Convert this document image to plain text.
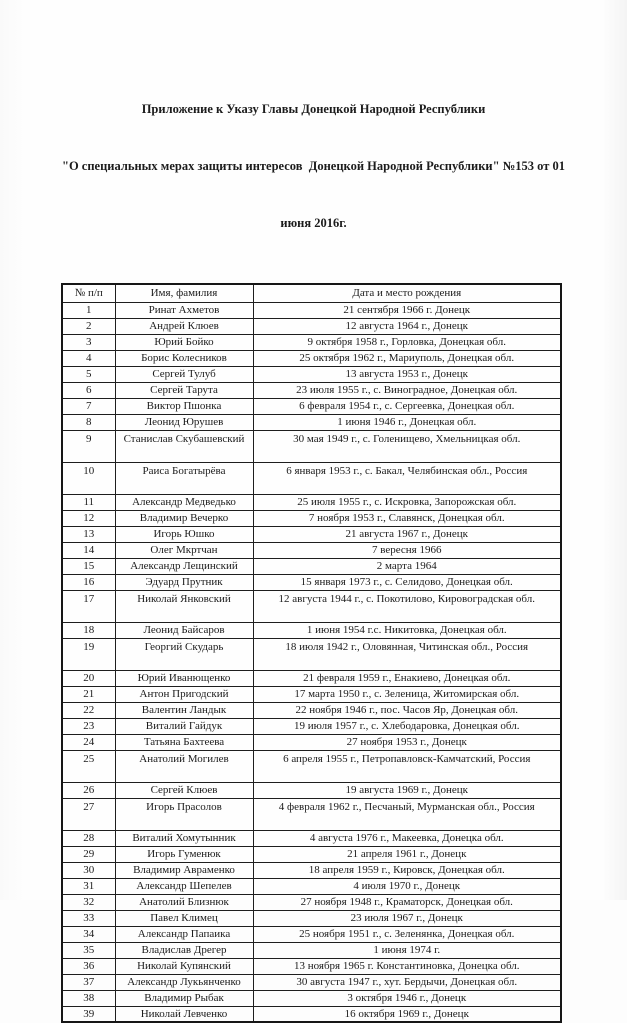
Приложение к Указу Главы Донецкой Народной Республики

"О специальных мерах защиты интересов  Донецкой Народной Республики" №153 от 01

июня 2016г.

№ п/п	Имя, фамилия	Дата и место рождения
1	Ринат Ахметов	21 сентября 1966 г. Донецк
2	Андрей Клюев	12 августа 1964 г., Донецк
3	Юрий Бойко	9 октября 1958 г., Горловка, Донецкая обл.
4	Борис Колесников	25 октября 1962 г., Мариуполь, Донецкая обл.
5	Сергей Тулуб	13 августа 1953 г., Донецк
6	Сергей Тарута	23 июля 1955 г., с. Виноградное, Донецкая обл.
7	Виктор Пшонка	6 февраля 1954 г., с. Сергеевка, Донецкая обл.
8	Леонид Юрушев	1 июня 1946 г., Донецкая обл.
9	Станислав Скубашевский	30 мая 1949 г., с. Голенищево, Хмельницкая обл.
10	Раиса Богатырёва	6 января 1953 г., с. Бакал, Челябинская обл., Россия
11	Александр Медведько	25 июля 1955 г., с. Искровка, Запорожская обл.
12	Владимир Вечерко	7 ноября 1953 г., Славянск, Донецкая обл.
13	Игорь Юшко	21 августа 1967 г., Донецк
14	Олег Мкртчан	7 вересня 1966
15	Александр Лещинский	2 марта 1964
16	Эдуард Прутник	15 января 1973 г., с. Селидово, Донецкая обл.
17	Николай Янковский	12 августа 1944 г., с. Покотилово, Кировоградская обл.
18	Леонид Байсаров	1 июня 1954 г.с. Никитовка, Донецкая обл.
19	Георгий Скударь	18 июля 1942 г., Оловянная, Читинская обл., Россия
20	Юрий Иванющенко	21 февраля 1959 г., Енакиево, Донецкая обл.
21	Антон Пригодский	17 марта 1950 г., с. Зеленица, Житомирская обл.
22	Валентин Ландык	22 ноября 1946 г., пос. Часов Яр, Донецкая обл.
23	Виталий Гайдук	19 июля 1957 г., с. Хлебодаровка, Донецкая обл.
24	Татьяна Бахтеева	27 ноября 1953 г., Донецк
25	Анатолий Могилев	6 апреля 1955 г., Петропавловск-Камчатский, Россия
26	Сергей Клюев	19 августа 1969 г., Донецк
27	Игорь Прасолов	4 февраля 1962 г., Песчаный, Мурманская обл., Россия
28	Виталий Хомутынник	4 августа 1976 г., Макеевка, Донецка обл.
29	Игорь Гуменюк	21 апреля 1961 г., Донецк
30	Владимир Авраменко	18 апреля 1959 г., Кировск, Донецкая обл.
31	Александр Шепелев	4 июля 1970 г., Донецк
32	Анатолий Близнюк	27 ноября 1948 г., Краматорск, Донецкая обл.
33	Павел Климец	23 июля 1967 г., Донецк
34	Александр Папаика	25 ноября 1951 г., с. Зеленянка, Донецкая обл.
35	Владислав Дрегер	1 июня 1974 г.
36	Николай Купянский	13 ноября 1965 г. Константиновка, Донецка обл.
37	Александр Лукьянченко	30 августа 1947 г., хут. Бердычи, Донецкая обл.
38	Владимир Рыбак	3 октября 1946 г., Донецк
39	Николай Левченко	16 октября 1969 г., Донецк
